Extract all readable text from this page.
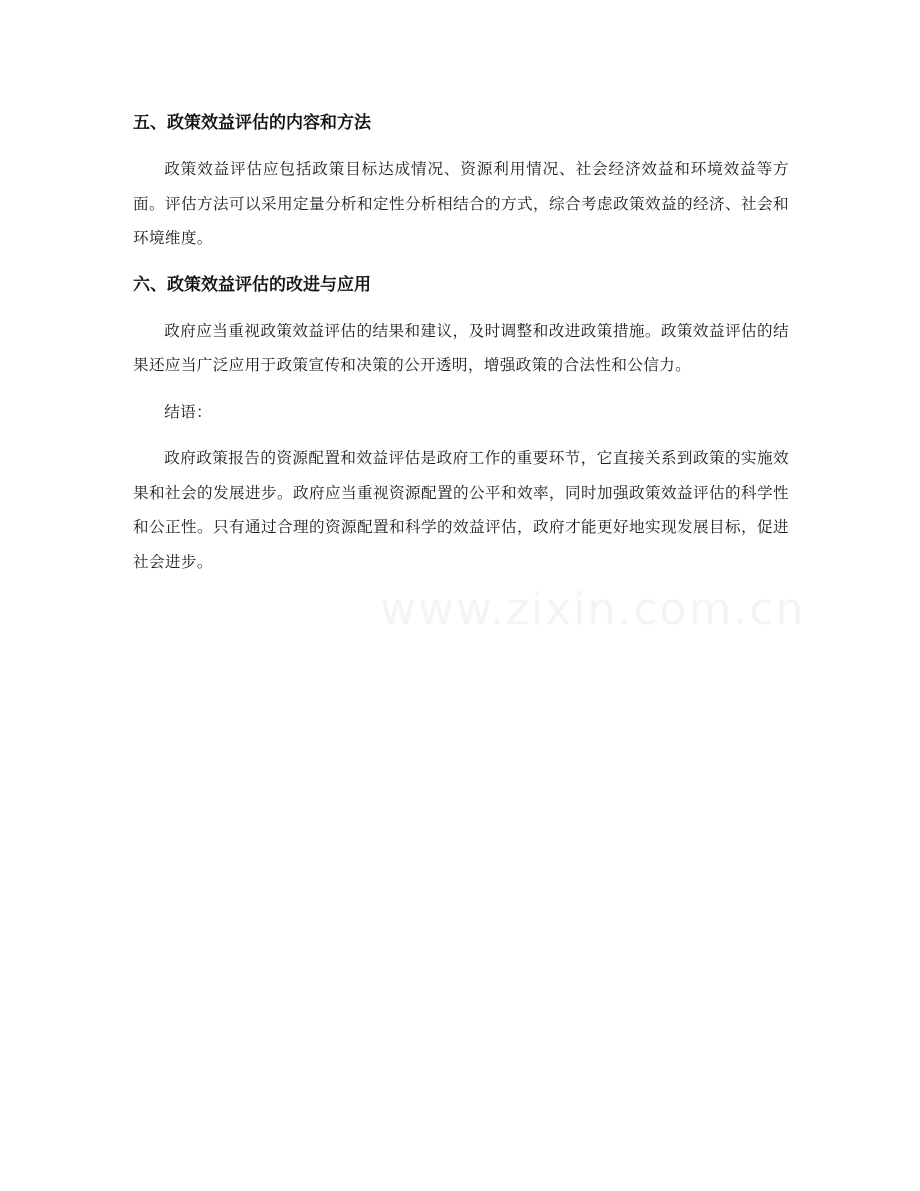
五、政策效益评估的内容和方法

政策效益评估应包括政策目标达成情况、资源利用情况、社会经济效益和环境效益等方面。评估方法可以采用定量分析和定性分析相结合的方式，综合考虑政策效益的经济、社会和环境维度。

六、政策效益评估的改进与应用

政府应当重视政策效益评估的结果和建议，及时调整和改进政策措施。政策效益评估的结果还应当广泛应用于政策宣传和决策的公开透明，增强政策的合法性和公信力。

结语：

政府政策报告的资源配置和效益评估是政府工作的重要环节，它直接关系到政策的实施效果和社会的发展进步。政府应当重视资源配置的公平和效率，同时加强政策效益评估的科学性和公正性。只有通过合理的资源配置和科学的效益评估，政府才能更好地实现发展目标，促进社会进步。

www.zixin.com.cn
